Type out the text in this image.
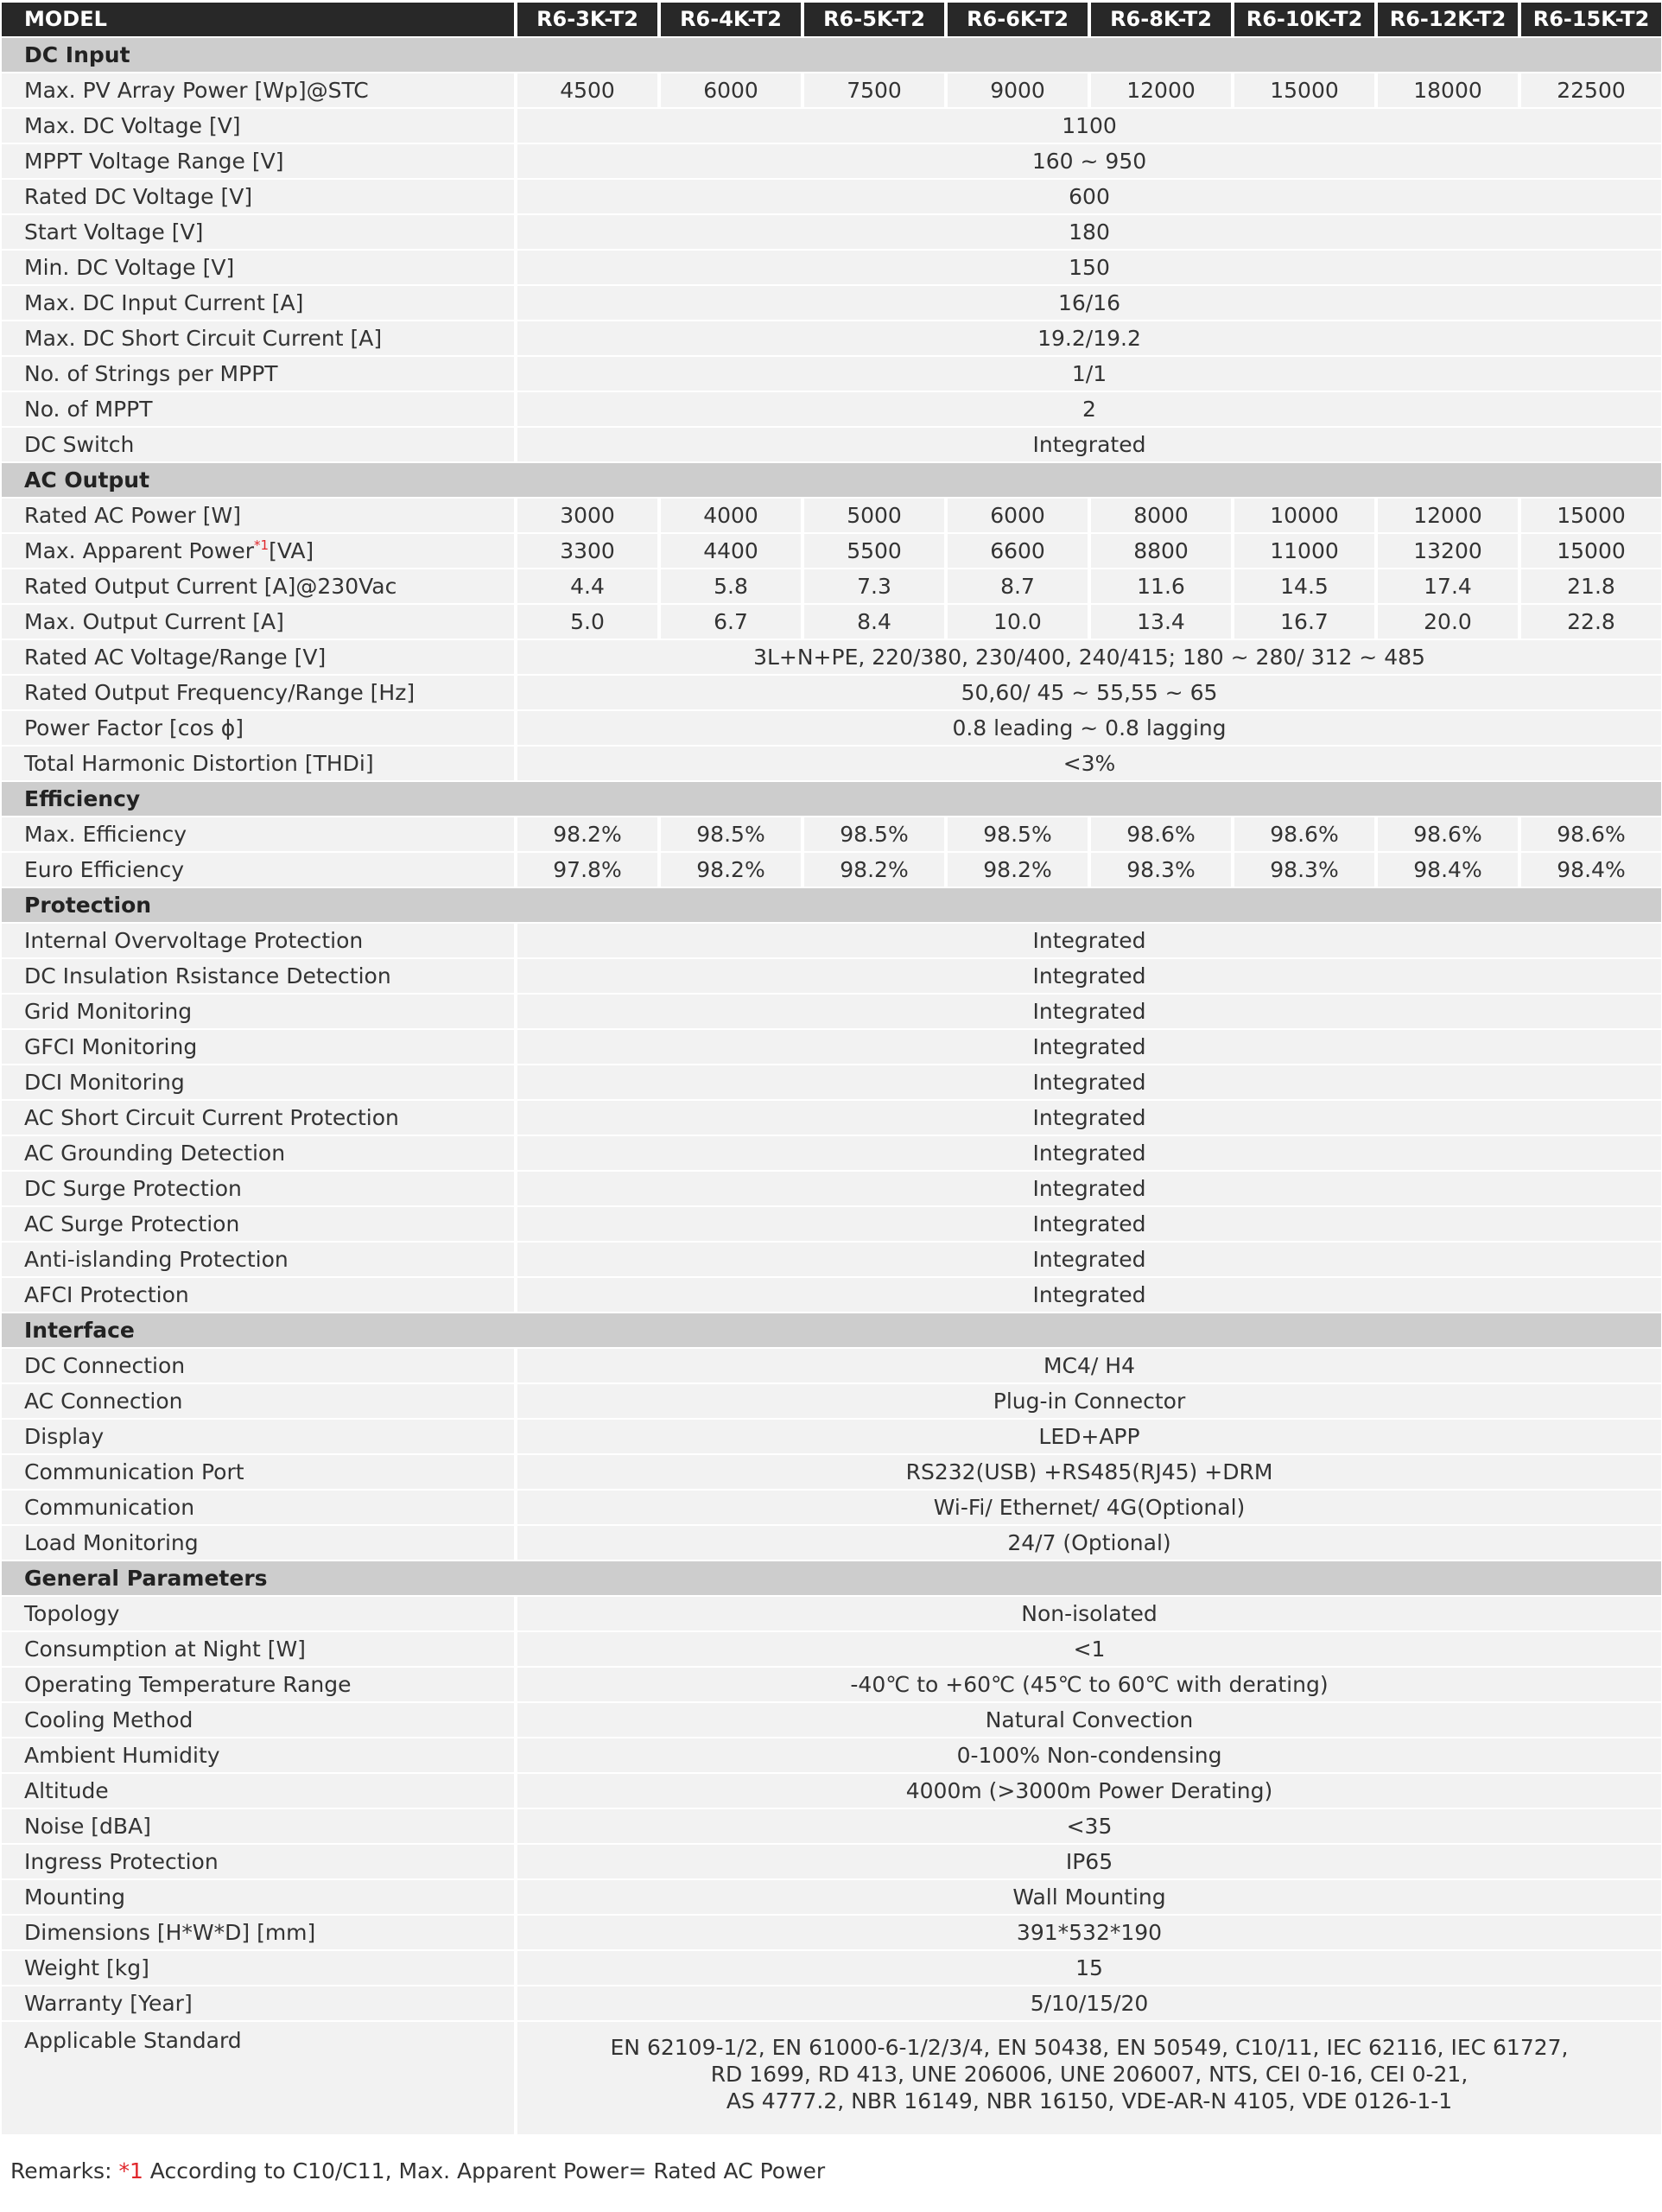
MODEL	R6-3K-T2	R6-4K-T2	R6-5K-T2	R6-6K-T2	R6-8K-T2	R6-10K-T2	R6-12K-T2	R6-15K-T2
DC Input								
Max. PV Array Power [Wp]@STC	4500	6000	7500	9000	12000	15000	18000	22500
Max. DC Voltage [V]	1100							
MPPT Voltage Range [V]	160 ~ 950							
Rated DC Voltage [V]	600							
Start Voltage [V]	180							
Min. DC Voltage [V]	150							
Max. DC Input Current [A]	16/16							
Max. DC Short Circuit Current [A]	19.2/19.2							
No. of Strings per MPPT	1/1							
No. of MPPT	2							
DC Switch	Integrated							
AC Output								
Rated AC Power [W]	3000	4000	5000	6000	8000	10000	12000	15000
Max. Apparent Power$^{*1}$[VA]	3300	4400	5500	6600	8800	11000	13200	15000
Rated Output Current [A]@230Vac	4.4	5.8	7.3	8.7	11.6	14.5	17.4	21.8
Max. Output Current [A]	5.0	6.7	8.4	10.0	13.4	16.7	20.0	22.8
Rated AC Voltage/Range [V]	3L+N+PE, 220/380, 230/400, 240/415; 180 ~ 280/ 312 ~ 485							
Rated Output Frequency/Range [Hz]	50,60/ 45 ~ 55,55 ~ 65							
Power Factor [cos ϕ]	0.8 leading ~ 0.8 lagging							
Total Harmonic Distortion [THDi]	<3%							
Efficiency								
Max. Efficiency	98.2%	98.5%	98.5%	98.5%	98.6%	98.6%	98.6%	98.6%
Euro Efficiency	97.8%	98.2%	98.2%	98.2%	98.3%	98.3%	98.4%	98.4%
Protection								
Internal Overvoltage Protection	Integrated							
DC Insulation Rsistance Detection	Integrated							
Grid Monitoring	Integrated							
GFCI Monitoring	Integrated							
DCI Monitoring	Integrated							
AC Short Circuit Current Protection	Integrated							
AC Grounding Detection	Integrated							
DC Surge Protection	Integrated							
AC Surge Protection	Integrated							
Anti-islanding Protection	Integrated							
AFCI Protection	Integrated							
Interface								
DC Connection	MC4/ H4							
AC Connection	Plug-in Connector							
Display	LED+APP							
Communication Port	RS232(USB) +RS485(RJ45) +DRM							
Communication	Wi-Fi/ Ethernet/ 4G(Optional)							
Load Monitoring	24/7 (Optional)							
General Parameters								
Topology	Non-isolated							
Consumption at Night [W]	<1							
Operating Temperature Range	-40℃ to +60℃ (45℃ to 60℃ with derating)							
Cooling Method	Natural Convection							
Ambient Humidity	0-100% Non-condensing							
Altitude	4000m (>3000m Power Derating)							
Noise [dBA]	<35							
Ingress Protection	IP65							
Mounting	Wall Mounting							
Dimensions [H*W*D] [mm]	391*532*190							
Weight [kg]	15							
Warranty [Year]	5/10/15/20							
Applicable Standard	EN 62109-1/2, EN 61000-6-1/2/3/4, EN 50438, EN 50549, C10/11, IEC 62116, IEC 61727,
RD 1699, RD 413, UNE 206006, UNE 206007, NTS, CEI 0-16, CEI 0-21,
AS 4777.2, NBR 16149, NBR 16150, VDE-AR-N 4105, VDE 0126-1-1							
Remarks: *1 According to C10/C11, Max. Apparent Power= Rated AC Power
